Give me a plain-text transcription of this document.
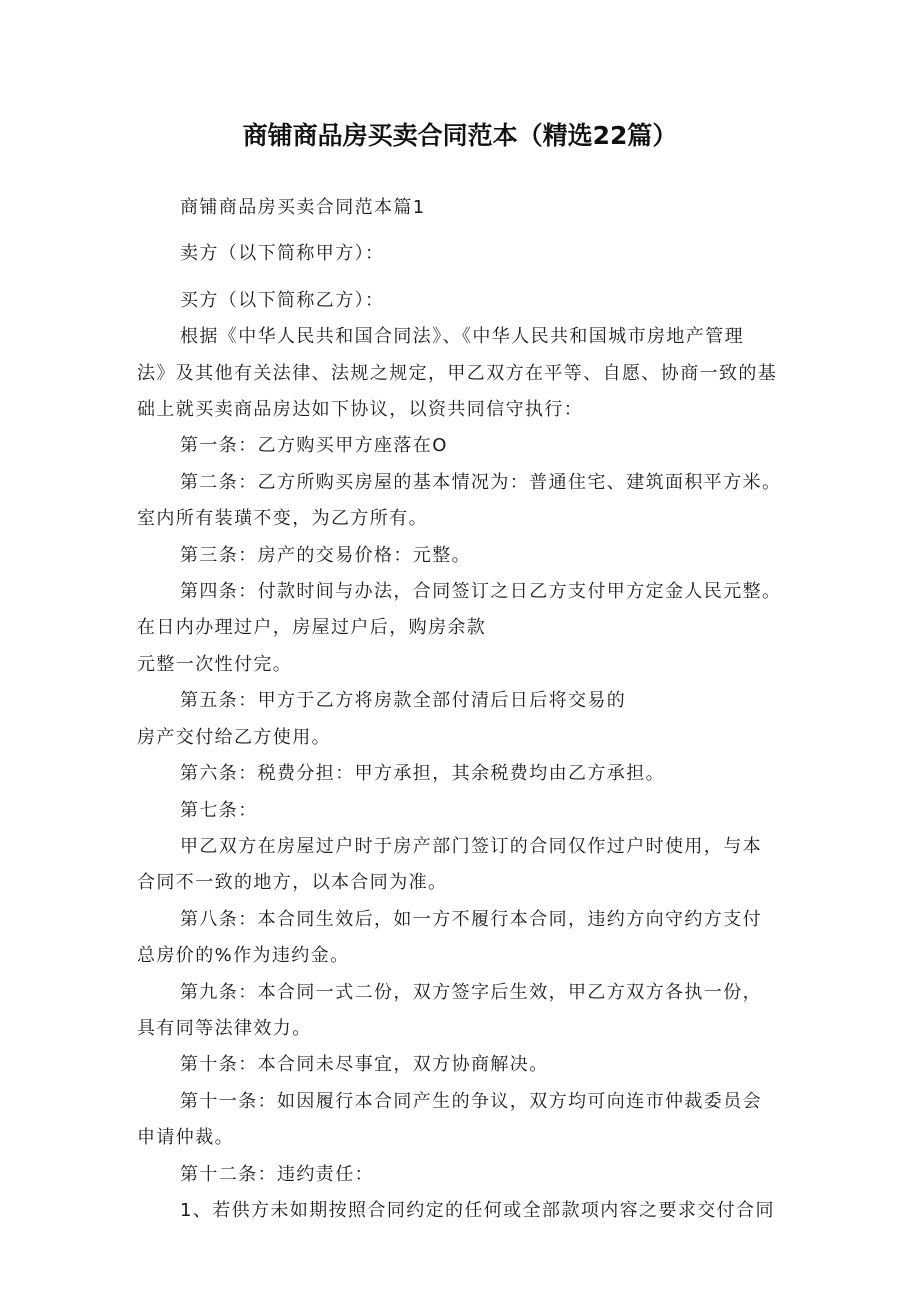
商铺商品房买卖合同范本（精选22篇）

商铺商品房买卖合同范本篇1

卖方（以下简称甲方）：

买方（以下简称乙方）：

根据《中华人民共和国合同法》、《中华人民共和国城市房地产管理

法》及其他有关法律、法规之规定，甲乙双方在平等、自愿、协商一致的基

础上就买卖商品房达如下协议，以资共同信守执行：

第一条：乙方购买甲方座落在O

第二条：乙方所购买房屋的基本情况为：普通住宅、建筑面积平方米。

室内所有装璜不变，为乙方所有。

第三条：房产的交易价格：元整。

第四条：付款时间与办法，合同签订之日乙方支付甲方定金人民元整。

在日内办理过户，房屋过户后，购房余款

元整一次性付完。

第五条：甲方于乙方将房款全部付清后日后将交易的

房产交付给乙方使用。

第六条：税费分担：甲方承担，其余税费均由乙方承担。

第七条：

甲乙双方在房屋过户时于房产部门签订的合同仅作过户时使用，与本

合同不一致的地方，以本合同为准。

第八条：本合同生效后，如一方不履行本合同，违约方向守约方支付

总房价的%作为违约金。

第九条：本合同一式二份，双方签字后生效，甲乙方双方各执一份，

具有同等法律效力。

第十条：本合同未尽事宜，双方协商解决。

第十一条：如因履行本合同产生的争议，双方均可向连市仲裁委员会

申请仲裁。

第十二条：违约责任：

1、若供方未如期按照合同约定的任何或全部款项内容之要求交付合同
